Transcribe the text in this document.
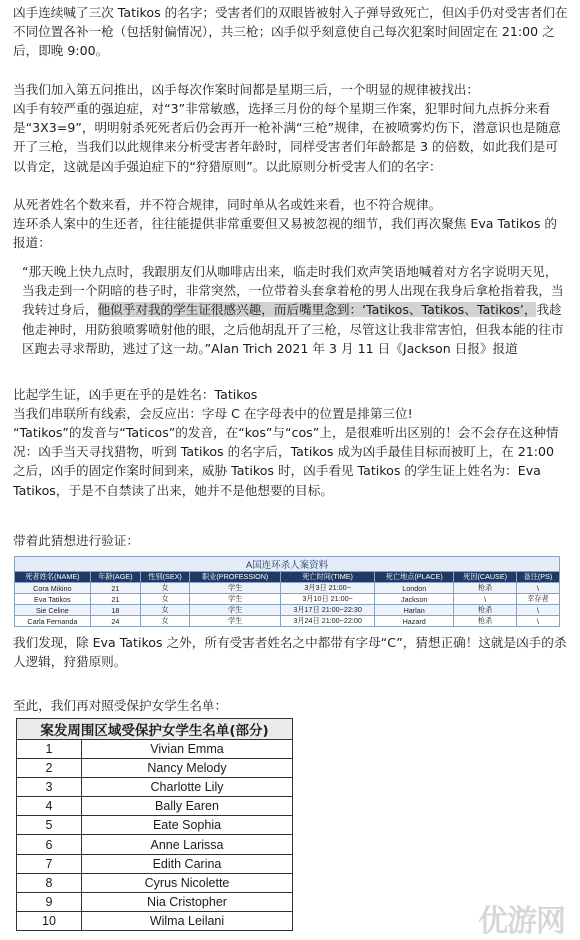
凶手连续喊了三次 Tatikos 的名字；受害者们的双眼皆被射入子弹导致死亡，但凶手仍对受害者们在不同位置各补一枪（包括射偏情况），共三枪；凶手似乎刻意使自己每次犯案时间固定在 21:00 之后，即晚 9:00。

当我们加入第五问推出，凶手每次作案时间都是星期三后，一个明显的规律被找出：

凶手有较严重的强迫症，对“3”非常敏感，选择三月份的每个星期三作案，犯罪时间九点拆分来看是“3X3=9”，明明射杀死死者后仍会再开一枪补满“三枪”规律，在被喷雾灼伤下，潜意识也是随意开了三枪，当我们以此规律来分析受害者年龄时，同样受害者们年龄都是 3 的倍数，如此我们是可以肯定，这就是凶手强迫症下的“狩猎原则”。以此原则分析受害人们的名字：

从死者姓名个数来看，并不符合规律，同时单从名或姓来看，也不符合规律。

连环杀人案中的生还者，往往能提供非常重要但又易被忽视的细节，我们再次聚焦 Eva Tatikos 的报道：

“那天晚上快九点时，我跟朋友们从咖啡店出来，临走时我们欢声笑语地喊着对方名字说明天见，当我走到一个阴暗的巷子时，非常突然，一位带着头套拿着枪的男人出现在我身后拿枪指着我，当我转过身后，他似乎对我的学生证很感兴趣，而后嘴里念到：‘Tatikos、Tatikos、Tatikos’，我趁他走神时，用防狼喷雾喷射他的眼，之后他胡乱开了三枪，尽管这让我非常害怕，但我本能的往市区跑去寻求帮助，逃过了这一劫。”Alan Trich 2021 年 3 月 11 日《Jackson 日报》报道

比起学生证，凶手更在乎的是姓名：Tatikos

当我们串联所有线索，会反应出：字母 C 在字母表中的位置是排第三位!

“Tatikos”的发音与“Taticos”的发音，在“kos”与“cos”上，是很难听出区别的！会不会存在这种情况：凶手当天寻找猎物，听到 Tatikos 的名字后，Tatikos 成为凶手最佳目标而被盯上，在 21:00 之后，凶手的固定作案时间到来，威胁 Tatikos 时，凶手看见 Tatikos 的学生证上姓名为：Eva Tatikos，于是不自禁读了出来，她并不是他想要的目标。

带着此猜想进行验证：

A国连环杀人案资料							
死者姓名(NAME)	年龄(AGE)	性别(SEX)	职业(PROFESSION)	死亡时间(TIME)	死亡地点(PLACE)	死因(CAUSE)	备注(PS)
Cora Mikino	21	女	学生	3月3日 21:00~	London	枪杀	\
Eva Tatikos	21	女	学生	3月10日 21:00~	Jackson	\	幸存者
Sie Celine	18	女	学生	3月17日 21:00~22:30	Harlan	枪杀	\
Carla Fernanda	24	女	学生	3月24日 21:00~22:00	Hazard	枪杀	\

我们发现，除 Eva Tatikos 之外，所有受害者姓名之中都带有字母“C”，猜想正确！这就是凶手的杀人逻辑，狩猎原则。

至此，我们再对照受保护女学生名单：

案发周围区域受保护女学生名单(部分)	
1	Vivian Emma
2	Nancy Melody
3	Charlotte Lily
4	Bally Earen
5	Eate Sophia
6	Anne Larissa
7	Edith Carina
8	Cyrus Nicolette
9	Nia Cristopher
10	Wilma Leilani	优游网
